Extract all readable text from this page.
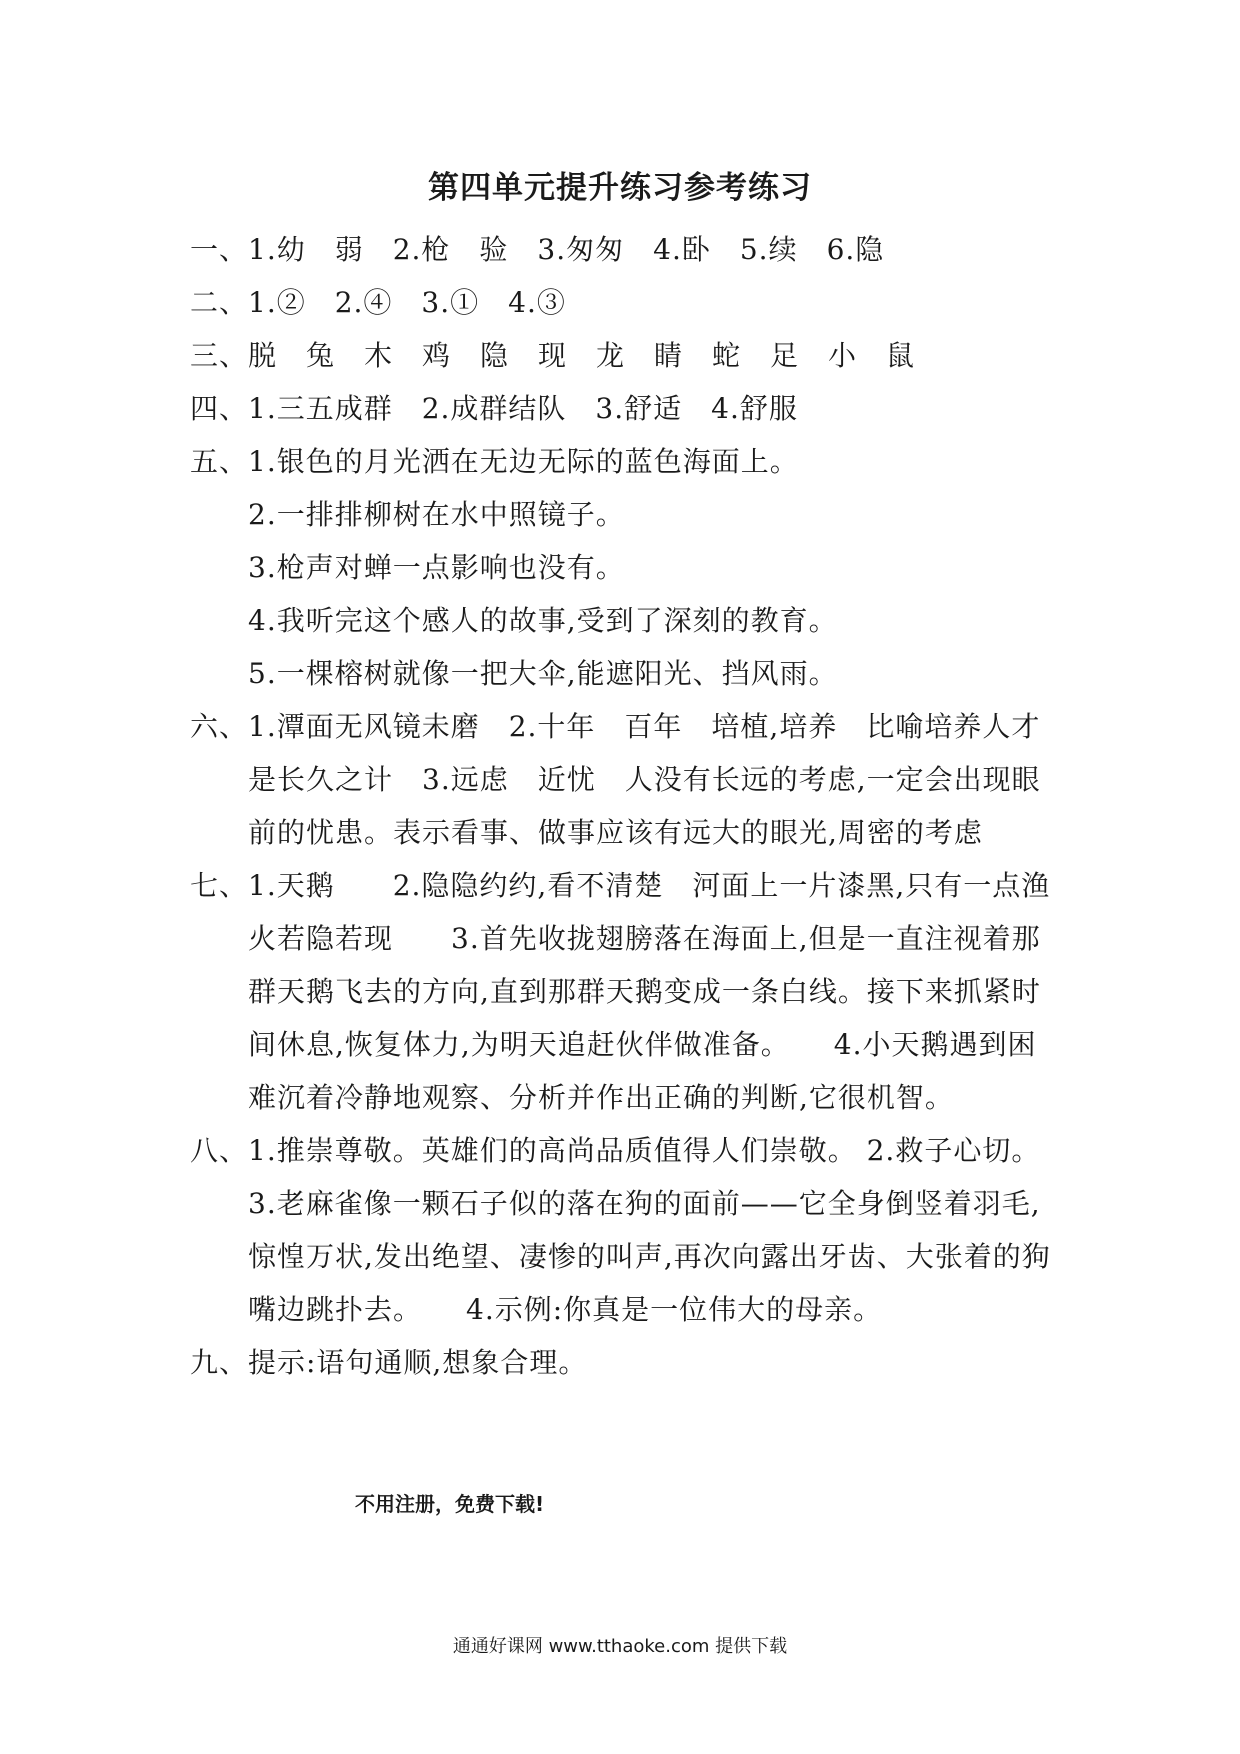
第四单元提升练习参考练习
一、1.幼　弱　2.枪　验　3.匆匆　4.卧　5.续　6.隐
二、1.②　2.④　3.①　4.③
三、脱　兔　木　鸡　隐　现　龙　睛　蛇　足　小　鼠
四、1.三五成群　2.成群结队　3.舒适　4.舒服
五、1.银色的月光洒在无边无际的蓝色海面上。
2.一排排柳树在水中照镜子。
3.枪声对蝉一点影响也没有。
4.我听完这个感人的故事,受到了深刻的教育。
5.一棵榕树就像一把大伞,能遮阳光、挡风雨。
六、1.潭面无风镜未磨　2.十年　百年　培植,培养　比喻培养人才
是长久之计　3.远虑　近忧　人没有长远的考虑,一定会出现眼
前的忧患。表示看事、做事应该有远大的眼光,周密的考虑
七、1.天鹅　　2.隐隐约约,看不清楚　河面上一片漆黑,只有一点渔
火若隐若现　　3.首先收拢翅膀落在海面上,但是一直注视着那
群天鹅飞去的方向,直到那群天鹅变成一条白线。接下来抓紧时
间休息,恢复体力,为明天追赶伙伴做准备。　　4.小天鹅遇到困
难沉着冷静地观察、分析并作出正确的判断,它很机智。
八、1.推崇尊敬。英雄们的高尚品质值得人们崇敬。 2.救子心切。
3.老麻雀像一颗石子似的落在狗的面前——它全身倒竖着羽毛,
惊惶万状,发出绝望、凄惨的叫声,再次向露出牙齿、大张着的狗
嘴边跳扑去。　　4.示例:你真是一位伟大的母亲。
九、提示:语句通顺,想象合理。
不用注册，免费下载!
通通好课网 www.tthaoke.com 提供下载
